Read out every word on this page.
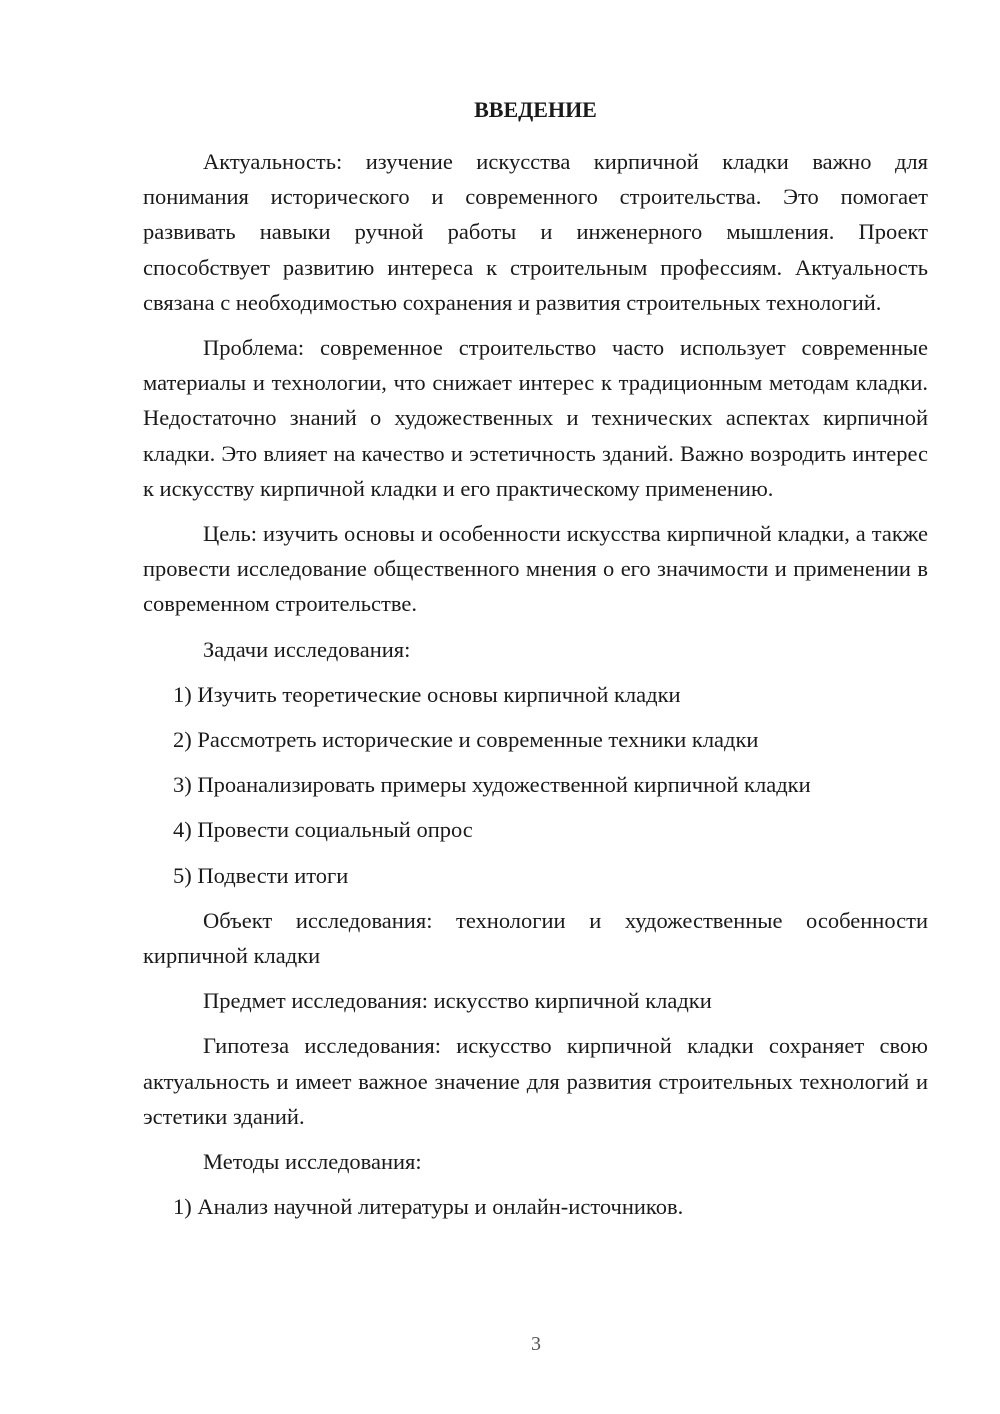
ВВЕДЕНИЕ

Актуальность: изучение искусства кирпичной кладки важно для понимания исторического и современного строительства. Это помогает развивать навыки ручной работы и инженерного мышления. Проект способствует развитию интереса к строительным профессиям. Актуальность связана с необходимостью сохранения и развития строительных технологий.

Проблема: современное строительство часто использует современные материалы и технологии, что снижает интерес к традиционным методам кладки. Недостаточно знаний о художественных и технических аспектах кирпичной кладки. Это влияет на качество и эстетичность зданий. Важно возродить интерес к искусству кирпичной кладки и его практическому применению.

Цель: изучить основы и особенности искусства кирпичной кладки, а также провести исследование общественного мнения о его значимости и применении в современном строительстве.

Задачи исследования:

1) Изучить теоретические основы кирпичной кладки
2) Рассмотреть исторические и современные техники кладки
3) Проанализировать примеры художественной кирпичной кладки
4) Провести социальный опрос
5) Подвести итоги

Объект исследования: технологии и художественные особенности кирпичной кладки

Предмет исследования: искусство кирпичной кладки

Гипотеза исследования: искусство кирпичной кладки сохраняет свою актуальность и имеет важное значение для развития строительных технологий и эстетики зданий.

Методы исследования:

1) Анализ научной литературы и онлайн-источников.
3
